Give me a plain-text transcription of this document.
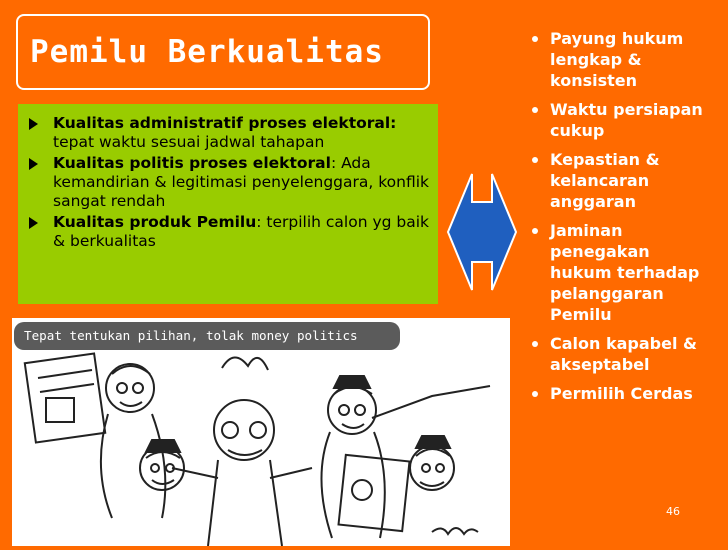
Pemilu Berkualitas
Kualitas administratif proses elektoral: tepat waktu sesuai jadwal tahapan
Kualitas politis proses elektoral: Ada kemandirian & legitimasi penyelenggara, konflik sangat rendah
Kualitas produk Pemilu: terpilih calon yg baik & berkualitas
Payung hukum lengkap & konsisten
Waktu persiapan cukup
Kepastian & kelancaran anggaran
Jaminan penegakan hukum terhadap pelanggaran Pemilu
Calon kapabel & akseptabel
Permilih Cerdas
Tepat tentukan pilihan, tolak money politics
46
